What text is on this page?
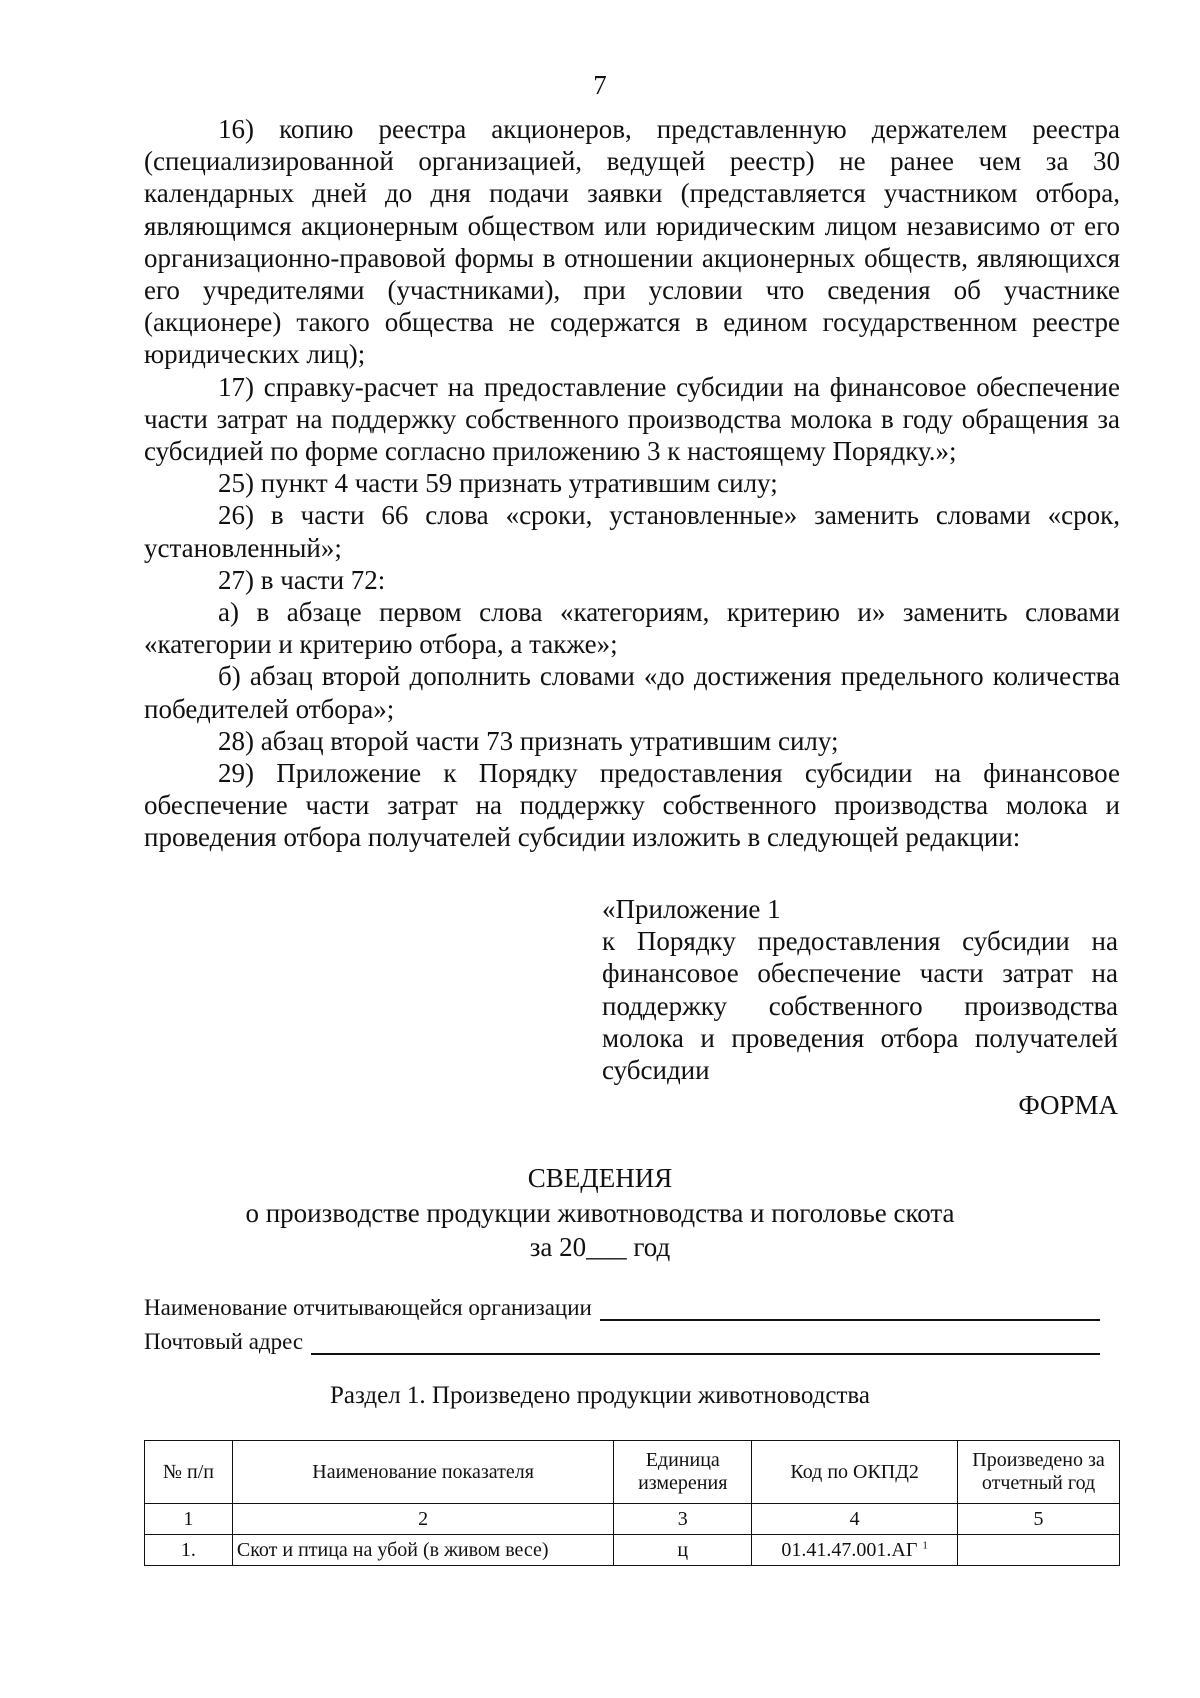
7

16) копию реестра акционеров, представленную держателем реестра (специализированной организацией, ведущей реестр) не ранее чем за 30 календарных дней до дня подачи заявки (представляется участником отбора, являющимся акционерным обществом или юридическим лицом независимо от его организационно-правовой формы в отношении акционерных обществ, являющихся его учредителями (участниками), при условии что сведения об участнике (акционере) такого общества не содержатся в едином государственном реестре юридических лиц);

17) справку-расчет на предоставление субсидии на финансовое обеспечение части затрат на поддержку собственного производства молока в году обращения за субсидией по форме согласно приложению 3 к настоящему Порядку.»;

25) пункт 4 части 59 признать утратившим силу;

26) в части 66 слова «сроки, установленные» заменить словами «срок, установленный»;

27) в части 72:

а) в абзаце первом слова «категориям, критерию и» заменить словами «категории и критерию отбора, а также»;

б) абзац второй дополнить словами «до достижения предельного количества победителей отбора»;

28) абзац второй части 73 признать утратившим силу;

29) Приложение к Порядку предоставления субсидии на финансовое обеспечение части затрат на поддержку собственного производства молока и проведения отбора получателей субсидии изложить в следующей редакции:

«Приложение 1

к Порядку предоставления субсидии на финансовое обеспечение части затрат на поддержку собственного производства молока и проведения отбора получателей субсидии

ФОРМА
СВЕДЕНИЯ
о производстве продукции животноводства и поголовье скота
за 20___ год
Наименование отчитывающейся организации
Почтовый адрес
Раздел 1. Произведено продукции животноводства
№ п/п	Наименование показателя	Единица измерения	Код по ОКПД2	Произведено за отчетный год
1	2	3	4	5
1.	Скот и птица на убой (в живом весе)	ц	01.41.47.001.АГ $^1$	
